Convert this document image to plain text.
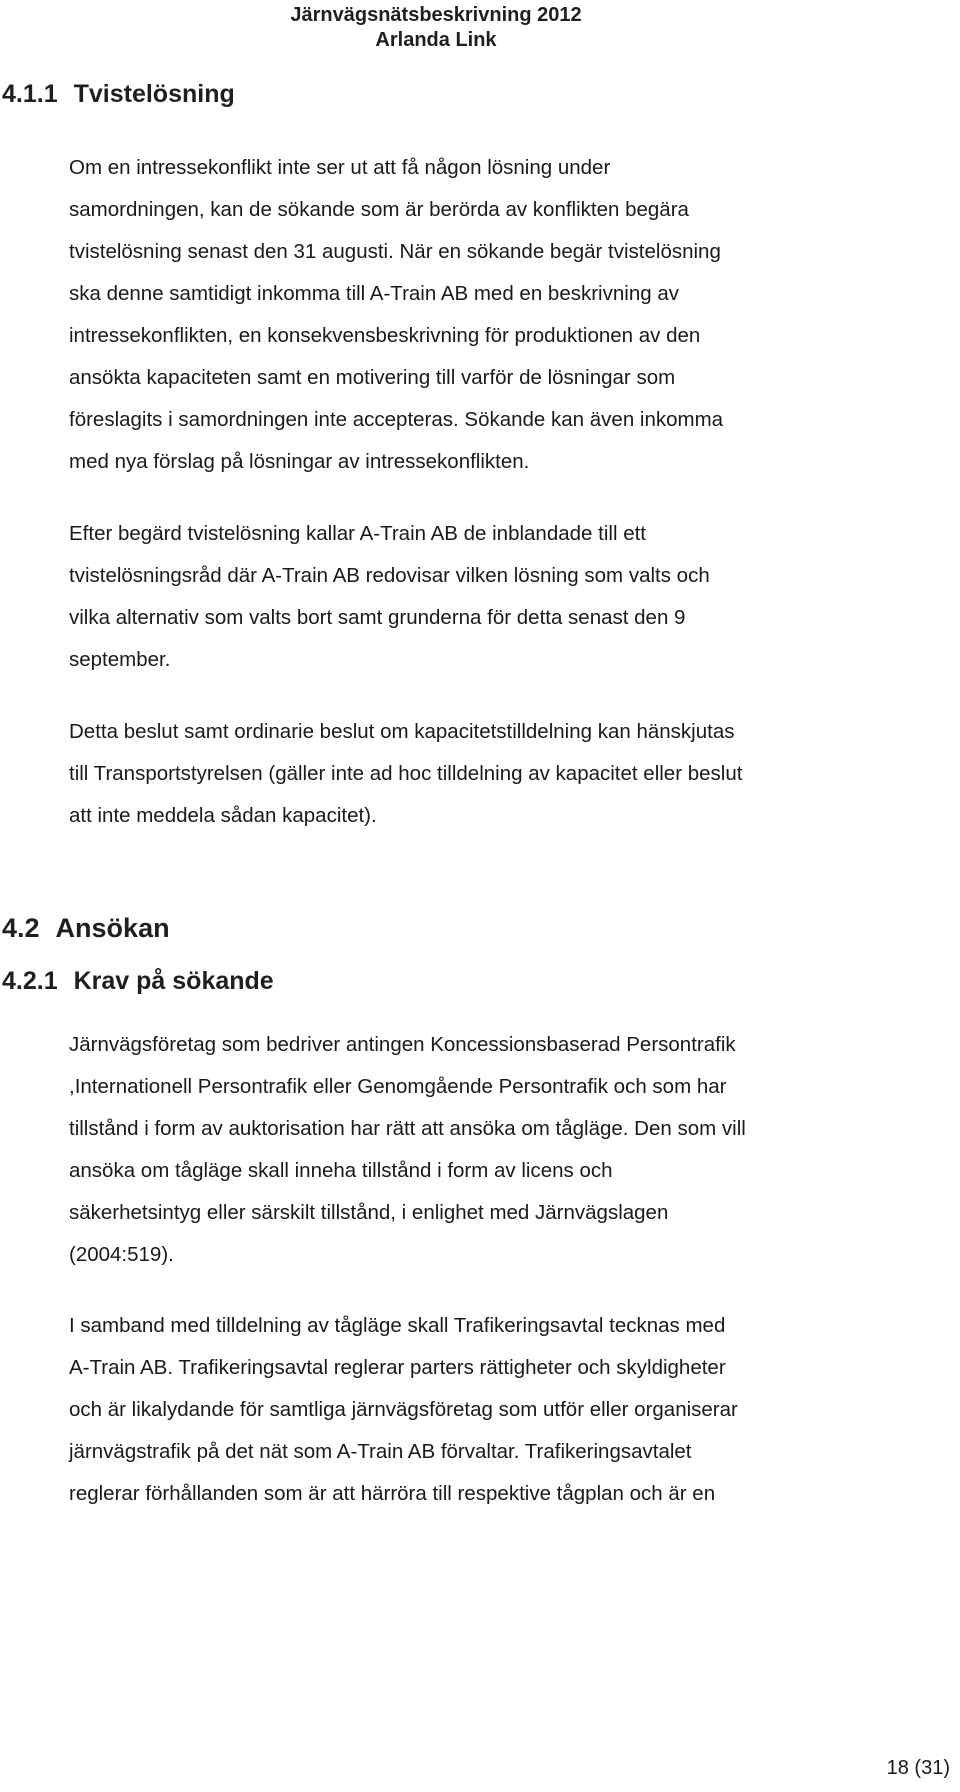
Järnvägsnätsbeskrivning 2012
Arlanda Link
4.1.1 Tvistelösning
Om en intressekonflikt inte ser ut att få någon lösning under
samordningen, kan de sökande som är berörda av konflikten begära
tvistelösning senast den 31 augusti. När en sökande begär tvistelösning
ska denne samtidigt inkomma till A-Train AB med en beskrivning av
intressekonflikten, en konsekvensbeskrivning för produktionen av den
ansökta kapaciteten samt en motivering till varför de lösningar som
föreslagits i samordningen inte accepteras. Sökande kan även inkomma
med nya förslag på lösningar av intressekonflikten.
Efter begärd tvistelösning kallar A-Train AB de inblandade till ett
tvistelösningsråd där A-Train AB redovisar vilken lösning som valts och
vilka alternativ som valts bort samt grunderna för detta senast den 9
september.
Detta beslut samt ordinarie beslut om kapacitetstilldelning kan hänskjutas
till Transportstyrelsen (gäller inte ad hoc tilldelning av kapacitet eller beslut
att inte meddela sådan kapacitet).
4.2 Ansökan
4.2.1 Krav på sökande
Järnvägsföretag som bedriver antingen Koncessionsbaserad Persontrafik
,Internationell Persontrafik eller Genomgående Persontrafik och som har
tillstånd i form av auktorisation har rätt att ansöka om tågläge. Den som vill
ansöka om tågläge skall inneha tillstånd i form av licens och
säkerhetsintyg eller särskilt tillstånd, i enlighet med Järnvägslagen
(2004:519).
I samband med tilldelning av tågläge skall Trafikeringsavtal tecknas med
A-Train AB. Trafikeringsavtal reglerar parters rättigheter och skyldigheter
och är likalydande för samtliga järnvägsföretag som utför eller organiserar
järnvägstrafik på det nät som A-Train AB förvaltar. Trafikeringsavtalet
reglerar förhållanden som är att härröra till respektive tågplan och är en
18 (31)
